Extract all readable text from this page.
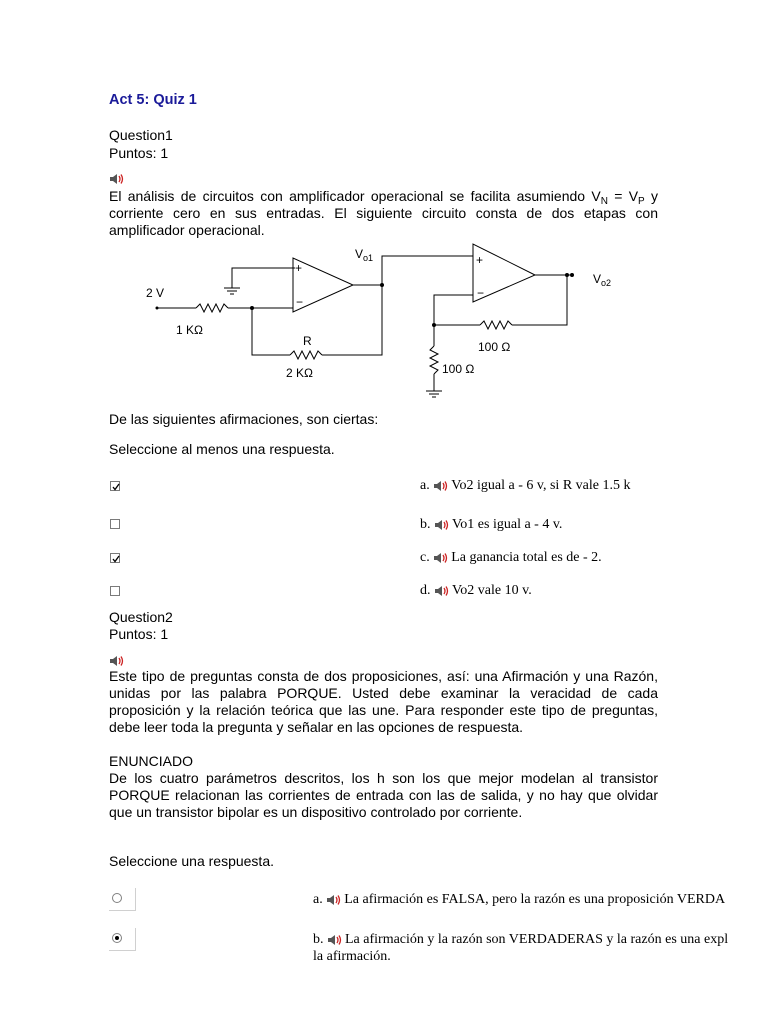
Act 5: Quiz 1
Question1
Puntos: 1
El análisis de circuitos con amplificador operacional se facilita asumiendo $V_N = V_P$ y corriente cero en sus entradas. El siguiente circuito consta de dos etapas con amplificador operacional.
+
−
+
−
2 V
1 KΩ
R
2 KΩ
$V_{o1}$
$V_{o2}$
100 Ω
100 Ω
De las siguientes afirmaciones, son ciertas:
Seleccione al menos una respuesta.
a. Vo2 igual a - 6 v, si R vale 1.5 k
b. Vo1 es igual a - 4 v.
c. La ganancia total es de - 2.
d. Vo2 vale 10 v.
Question2
Puntos: 1
Este tipo de preguntas consta de dos proposiciones, así: una Afirmación y una Razón, unidas por las palabra PORQUE. Usted debe examinar la veracidad de cada proposición y la relación teórica que las une. Para responder este tipo de preguntas, debe leer toda la pregunta y señalar en las opciones de respuesta.
ENUNCIADO
De los cuatro parámetros descritos, los h son los que mejor modelan al transistor PORQUE relacionan las corrientes de entrada con las de salida, y no hay que olvidar que un transistor bipolar es un dispositivo controlado por corriente.
Seleccione una respuesta.
a. La afirmación es FALSA, pero la razón es una proposición VERDA
b. La afirmación y la razón son VERDADERAS y la razón es una expl
la afirmación.
